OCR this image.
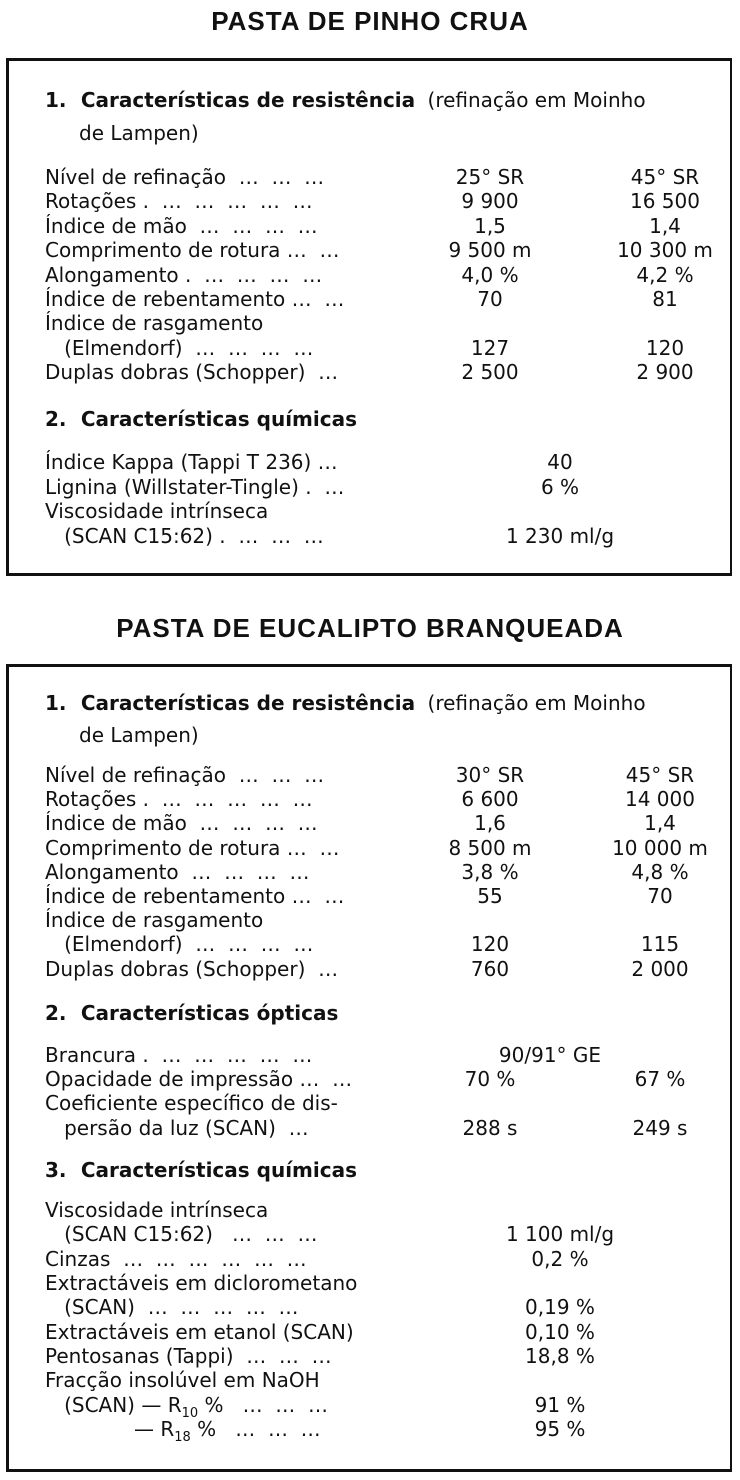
PASTA DE PINHO CRUA
1. Características de resistência (refinação em Moinho
de Lampen)
Nível de refinação  …  …  …	25° SR	45° SR
Rotações .  …  …  …  …  …	9 900	16 500
Índice de mão  …  …  …  …	1,5	1,4
Comprimento de rotura …  …	9 500 m	10 300 m
Alongamento .  …  …  …  …	4,0 %	4,2 %
Índice de rebentamento …  …	70	81
Índice de rasgamento
(Elmendorf)  …  …  …  …	127	120
Duplas dobras (Schopper)  …	2 500	2 900
2. Características químicas
Índice Kappa (Tappi T 236) …	40
Lignina (Willstater-Tingle) .  …	6 %
Viscosidade intrínseca
(SCAN C15:62) .  …  …  …	1 230 ml/g
PASTA DE EUCALIPTO BRANQUEADA
1. Características de resistência (refinação em Moinho
de Lampen)
Nível de refinação  …  …  …	30° SR	45° SR
Rotações .  …  …  …  …  …	6 600	14 000
Índice de mão  …  …  …  …	1,6	1,4
Comprimento de rotura …  …	8 500 m	10 000 m
Alongamento  …  …  …  …	3,8 %	4,8 %
Índice de rebentamento …  …	55	70
Índice de rasgamento
(Elmendorf)  …  …  …  …	120	115
Duplas dobras (Schopper)  …	760	2 000
2. Características ópticas
Brancura .  …  …  …  …  …	90/91° GE
Opacidade de impressão …  …	70 %	67 %
Coeficiente específico de dis-
persão da luz (SCAN)  …	288 s	249 s
3. Características químicas
Viscosidade intrínseca
(SCAN C15:62)   …  …  …	1 100 ml/g
Cinzas  …  …  …  …  …  …	0,2 %
Extractáveis em diclorometano
(SCAN)  …  …  …  …  …	0,19 %
Extractáveis em etanol (SCAN)	0,10 %
Pentosanas (Tappi)  …  …  …	18,8 %
Fracção insolúvel em NaOH
(SCAN) — $R_{10}$ %   …  …  …	91 %
— $R_{18}$ %   …  …  …	95 %
